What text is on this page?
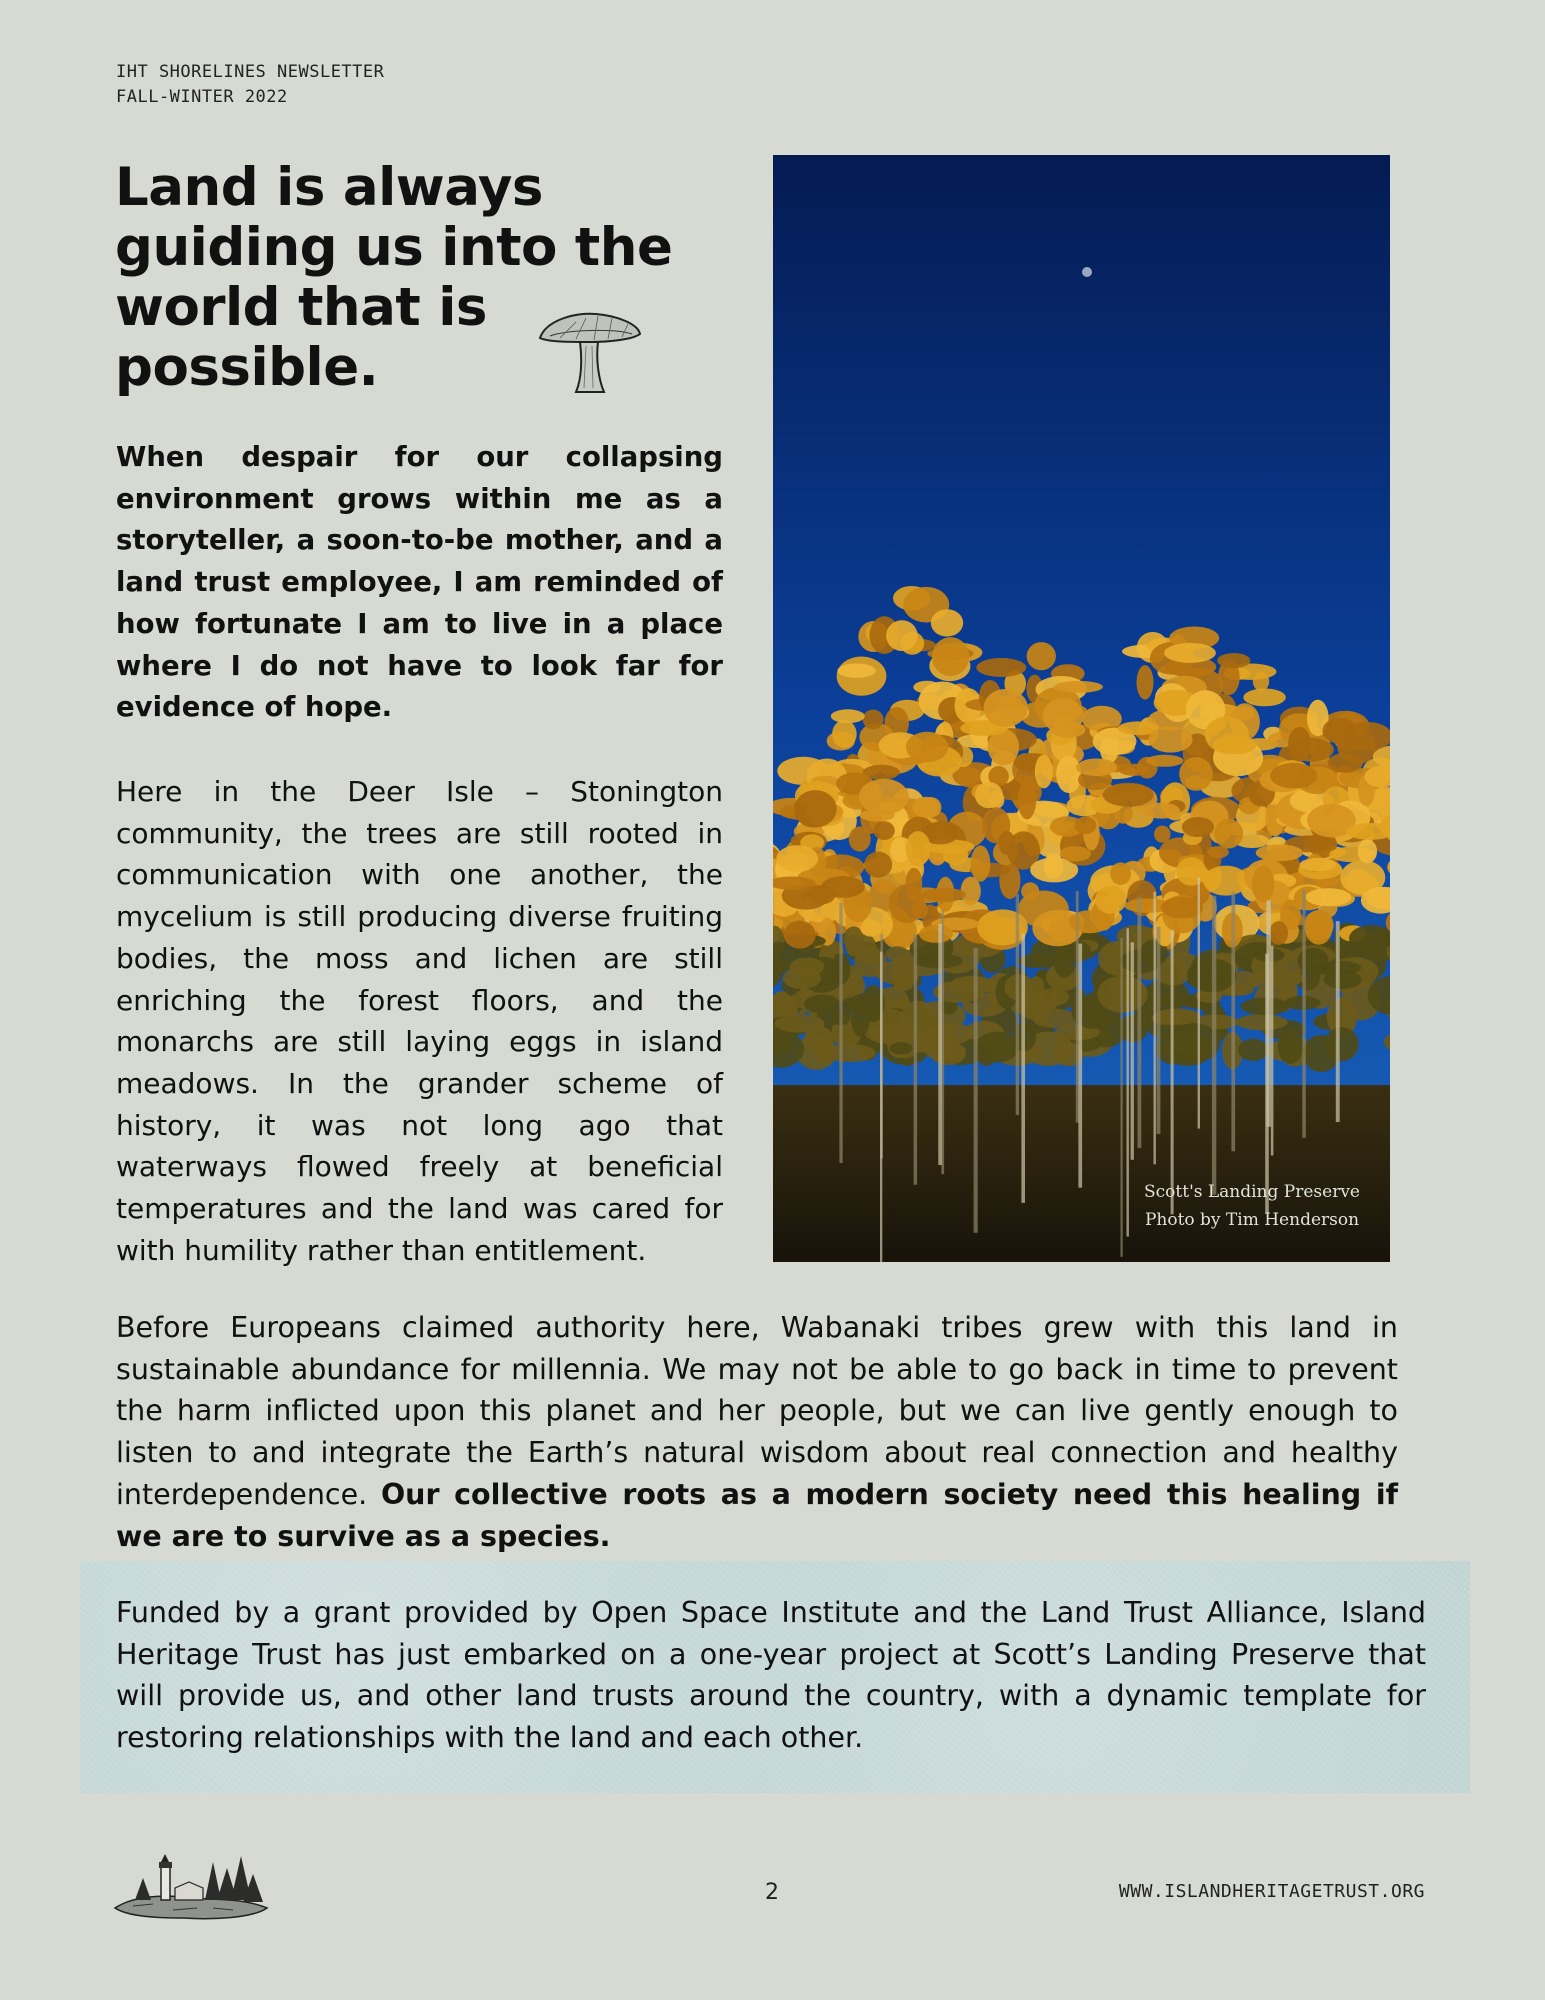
IHT SHORELINES NEWSLETTER
FALL-WINTER 2022
Land is always guiding us into the world that is possible.

When despair for our collapsing environment grows within me as a storyteller, a soon-to-be mother, and a land trust employee, I am reminded of how fortunate I am to live in a place where I do not have to look far for evidence of hope.

Here in the Deer Isle – Stonington community, the trees are still rooted in communication with one another, the mycelium is still producing diverse fruiting bodies, the moss and lichen are still enriching the forest floors, and the monarchs are still laying eggs in island meadows. In the grander scheme of history, it was not long ago that waterways flowed freely at beneficial temperatures and the land was cared for with humility rather than entitlement.

Scott's Landing Preserve
Photo by Tim Henderson

Before Europeans claimed authority here, Wabanaki tribes grew with this land in sustainable abundance for millennia. We may not be able to go back in time to prevent the harm inflicted upon this planet and her people, but we can live gently enough to listen to and integrate the Earth’s natural wisdom about real connection and healthy interdependence. Our collective roots as a modern society need this healing if we are to survive as a species.

Funded by a grant provided by Open Space Institute and the Land Trust Alliance, Island Heritage Trust has just embarked on a one-year project at Scott’s Landing Preserve that will provide us, and other land trusts around the country, with a dynamic template for restoring relationships with the land and each other.

2	WWW.ISLANDHERITAGETRUST.ORG
